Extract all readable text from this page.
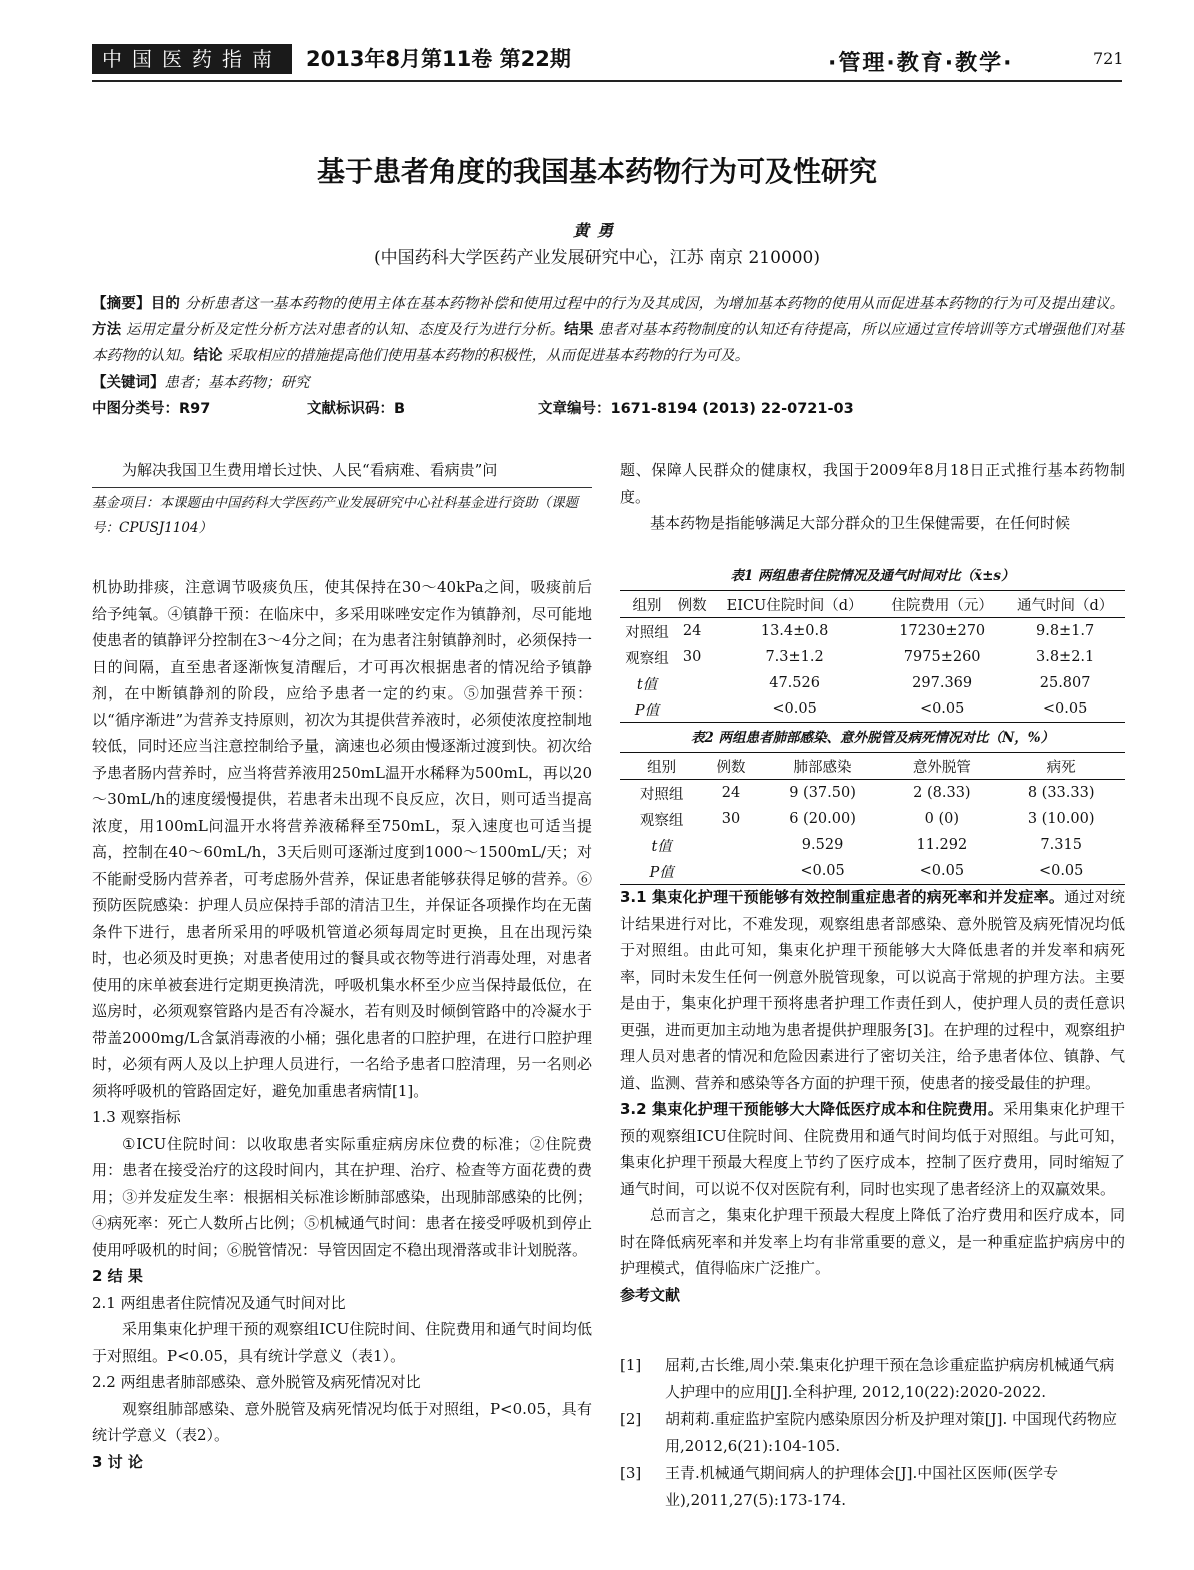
中国医药指南	2013年8月第11卷 第22期	·管理·教育·教学·	721
基于患者角度的我国基本药物行为可及性研究
黄勇
(中国药科大学医药产业发展研究中心，江苏 南京 210000)
【摘要】目的 分析患者这一基本药物的使用主体在基本药物补偿和使用过程中的行为及其成因，为增加基本药物的使用从而促进基本药物的行为可及提出建议。方法 运用定量分析及定性分析方法对患者的认知、态度及行为进行分析。结果 患者对基本药物制度的认知还有待提高，所以应通过宣传培训等方式增强他们对基本药物的认知。结论 采取相应的措施提高他们使用基本药物的积极性，从而促进基本药物的行为可及。
【关键词】患者；基本药物；研究
中图分类号：R97	文献标识码：B	文章编号：1671-8194 (2013) 22-0721-03

为解决我国卫生费用增长过快、人民“看病难、看病贵”问

基金项目：本课题由中国药科大学医药产业发展研究中心社科基金进行资助（课题号：CPUSJ1104）

题、保障人民群众的健康权，我国于2009年8月18日正式推行基本药物制度。

基本药物是指能够满足大部分群众的卫生保健需要，在任何时候

机协助排痰，注意调节吸痰负压，使其保持在30～40kPa之间，吸痰前后给予纯氧。④镇静干预：在临床中，多采用咪唑安定作为镇静剂，尽可能地使患者的镇静评分控制在3～4分之间；在为患者注射镇静剂时，必须保持一日的间隔，直至患者逐渐恢复清醒后，才可再次根据患者的情况给予镇静剂，在中断镇静剂的阶段，应给予患者一定的约束。⑤加强营养干预：以“循序渐进”为营养支持原则，初次为其提供营养液时，必须使浓度控制地较低，同时还应当注意控制给予量，滴速也必须由慢逐渐过渡到快。初次给予患者肠内营养时，应当将营养液用250mL温开水稀释为500mL，再以20～30mL/h的速度缓慢提供，若患者未出现不良反应，次日，则可适当提高浓度，用100mL问温开水将营养液稀释至750mL，泵入速度也可适当提高，控制在40～60mL/h，3天后则可逐渐过度到1000～1500mL/天；对不能耐受肠内营养者，可考虑肠外营养，保证患者能够获得足够的营养。⑥预防医院感染：护理人员应保持手部的清洁卫生，并保证各项操作均在无菌条件下进行，患者所采用的呼吸机管道必须每周定时更换，且在出现污染时，也必须及时更换；对患者使用过的餐具或衣物等进行消毒处理，对患者使用的床单被套进行定期更换清洗，呼吸机集水杯至少应当保持最低位，在巡房时，必须观察管路内是否有冷凝水，若有则及时倾倒管路中的冷凝水于带盖2000mg/L含氯消毒液的小桶；强化患者的口腔护理，在进行口腔护理时，必须有两人及以上护理人员进行，一名给予患者口腔清理，另一名则必须将呼吸机的管路固定好，避免加重患者病情[1]。

1.3 观察指标

①ICU住院时间：以收取患者实际重症病房床位费的标准；②住院费用：患者在接受治疗的这段时间内，其在护理、治疗、检查等方面花费的费用；③并发症发生率：根据相关标准诊断肺部感染，出现肺部感染的比例；④病死率：死亡人数所占比例；⑤机械通气时间：患者在接受呼吸机到停止使用呼吸机的时间；⑥脱管情况：导管因固定不稳出现滑落或非计划脱落。

2 结 果

2.1 两组患者住院情况及通气时间对比

采用集束化护理干预的观察组ICU住院时间、住院费用和通气时间均低于对照组。P<0.05，具有统计学意义（表1）。

2.2 两组患者肺部感染、意外脱管及病死情况对比

观察组肺部感染、意外脱管及病死情况均低于对照组，P<0.05，具有统计学意义（表2）。

3 讨 论

表1 两组患者住院情况及通气时间对比（x̄±s）
组别	例数	EICU住院时间（d）	住院费用（元）	通气时间（d）
对照组	24	13.4±0.8	17230±270	9.8±1.7
观察组	30	7.3±1.2	7975±260	3.8±2.1
t值		47.526	297.369	25.807
P值		<0.05	<0.05	<0.05
表2 两组患者肺部感染、意外脱管及病死情况对比（N，%）
组别	例数	肺部感染	意外脱管	病死
对照组	24	9 (37.50)	2 (8.33)	8 (33.33)
观察组	30	6 (20.00)	0 (0)	3 (10.00)
t值		9.529	11.292	7.315
P值		<0.05	<0.05	<0.05

3.1 集束化护理干预能够有效控制重症患者的病死率和并发症率。通过对统计结果进行对比，不难发现，观察组患者部感染、意外脱管及病死情况均低于对照组。由此可知，集束化护理干预能够大大降低患者的并发率和病死率，同时未发生任何一例意外脱管现象，可以说高于常规的护理方法。主要是由于，集束化护理干预将患者护理工作责任到人，使护理人员的责任意识更强，进而更加主动地为患者提供护理服务[3]。在护理的过程中，观察组护理人员对患者的情况和危险因素进行了密切关注，给予患者体位、镇静、气道、监测、营养和感染等各方面的护理干预，使患者的接受最佳的护理。

3.2 集束化护理干预能够大大降低医疗成本和住院费用。采用集束化护理干预的观察组ICU住院时间、住院费用和通气时间均低于对照组。与此可知，集束化护理干预最大程度上节约了医疗成本，控制了医疗费用，同时缩短了通气时间，可以说不仅对医院有利，同时也实现了患者经济上的双赢效果。

总而言之，集束化护理干预最大程度上降低了治疗费用和医疗成本，同时在降低病死率和并发率上均有非常重要的意义，是一种重症监护病房中的护理模式，值得临床广泛推广。

参考文献

[1] 屈莉,古长维,周小荣.集束化护理干预在急诊重症监护病房机械通气病人护理中的应用[J].全科护理, 2012,10(22):2020-2022.
[2] 胡莉莉.重症监护室院内感染原因分析及护理对策[J]. 中国现代药物应用,2012,6(21):104-105.
[3] 王青.机械通气期间病人的护理体会[J].中国社区医师(医学专业),2011,27(5):173-174.
